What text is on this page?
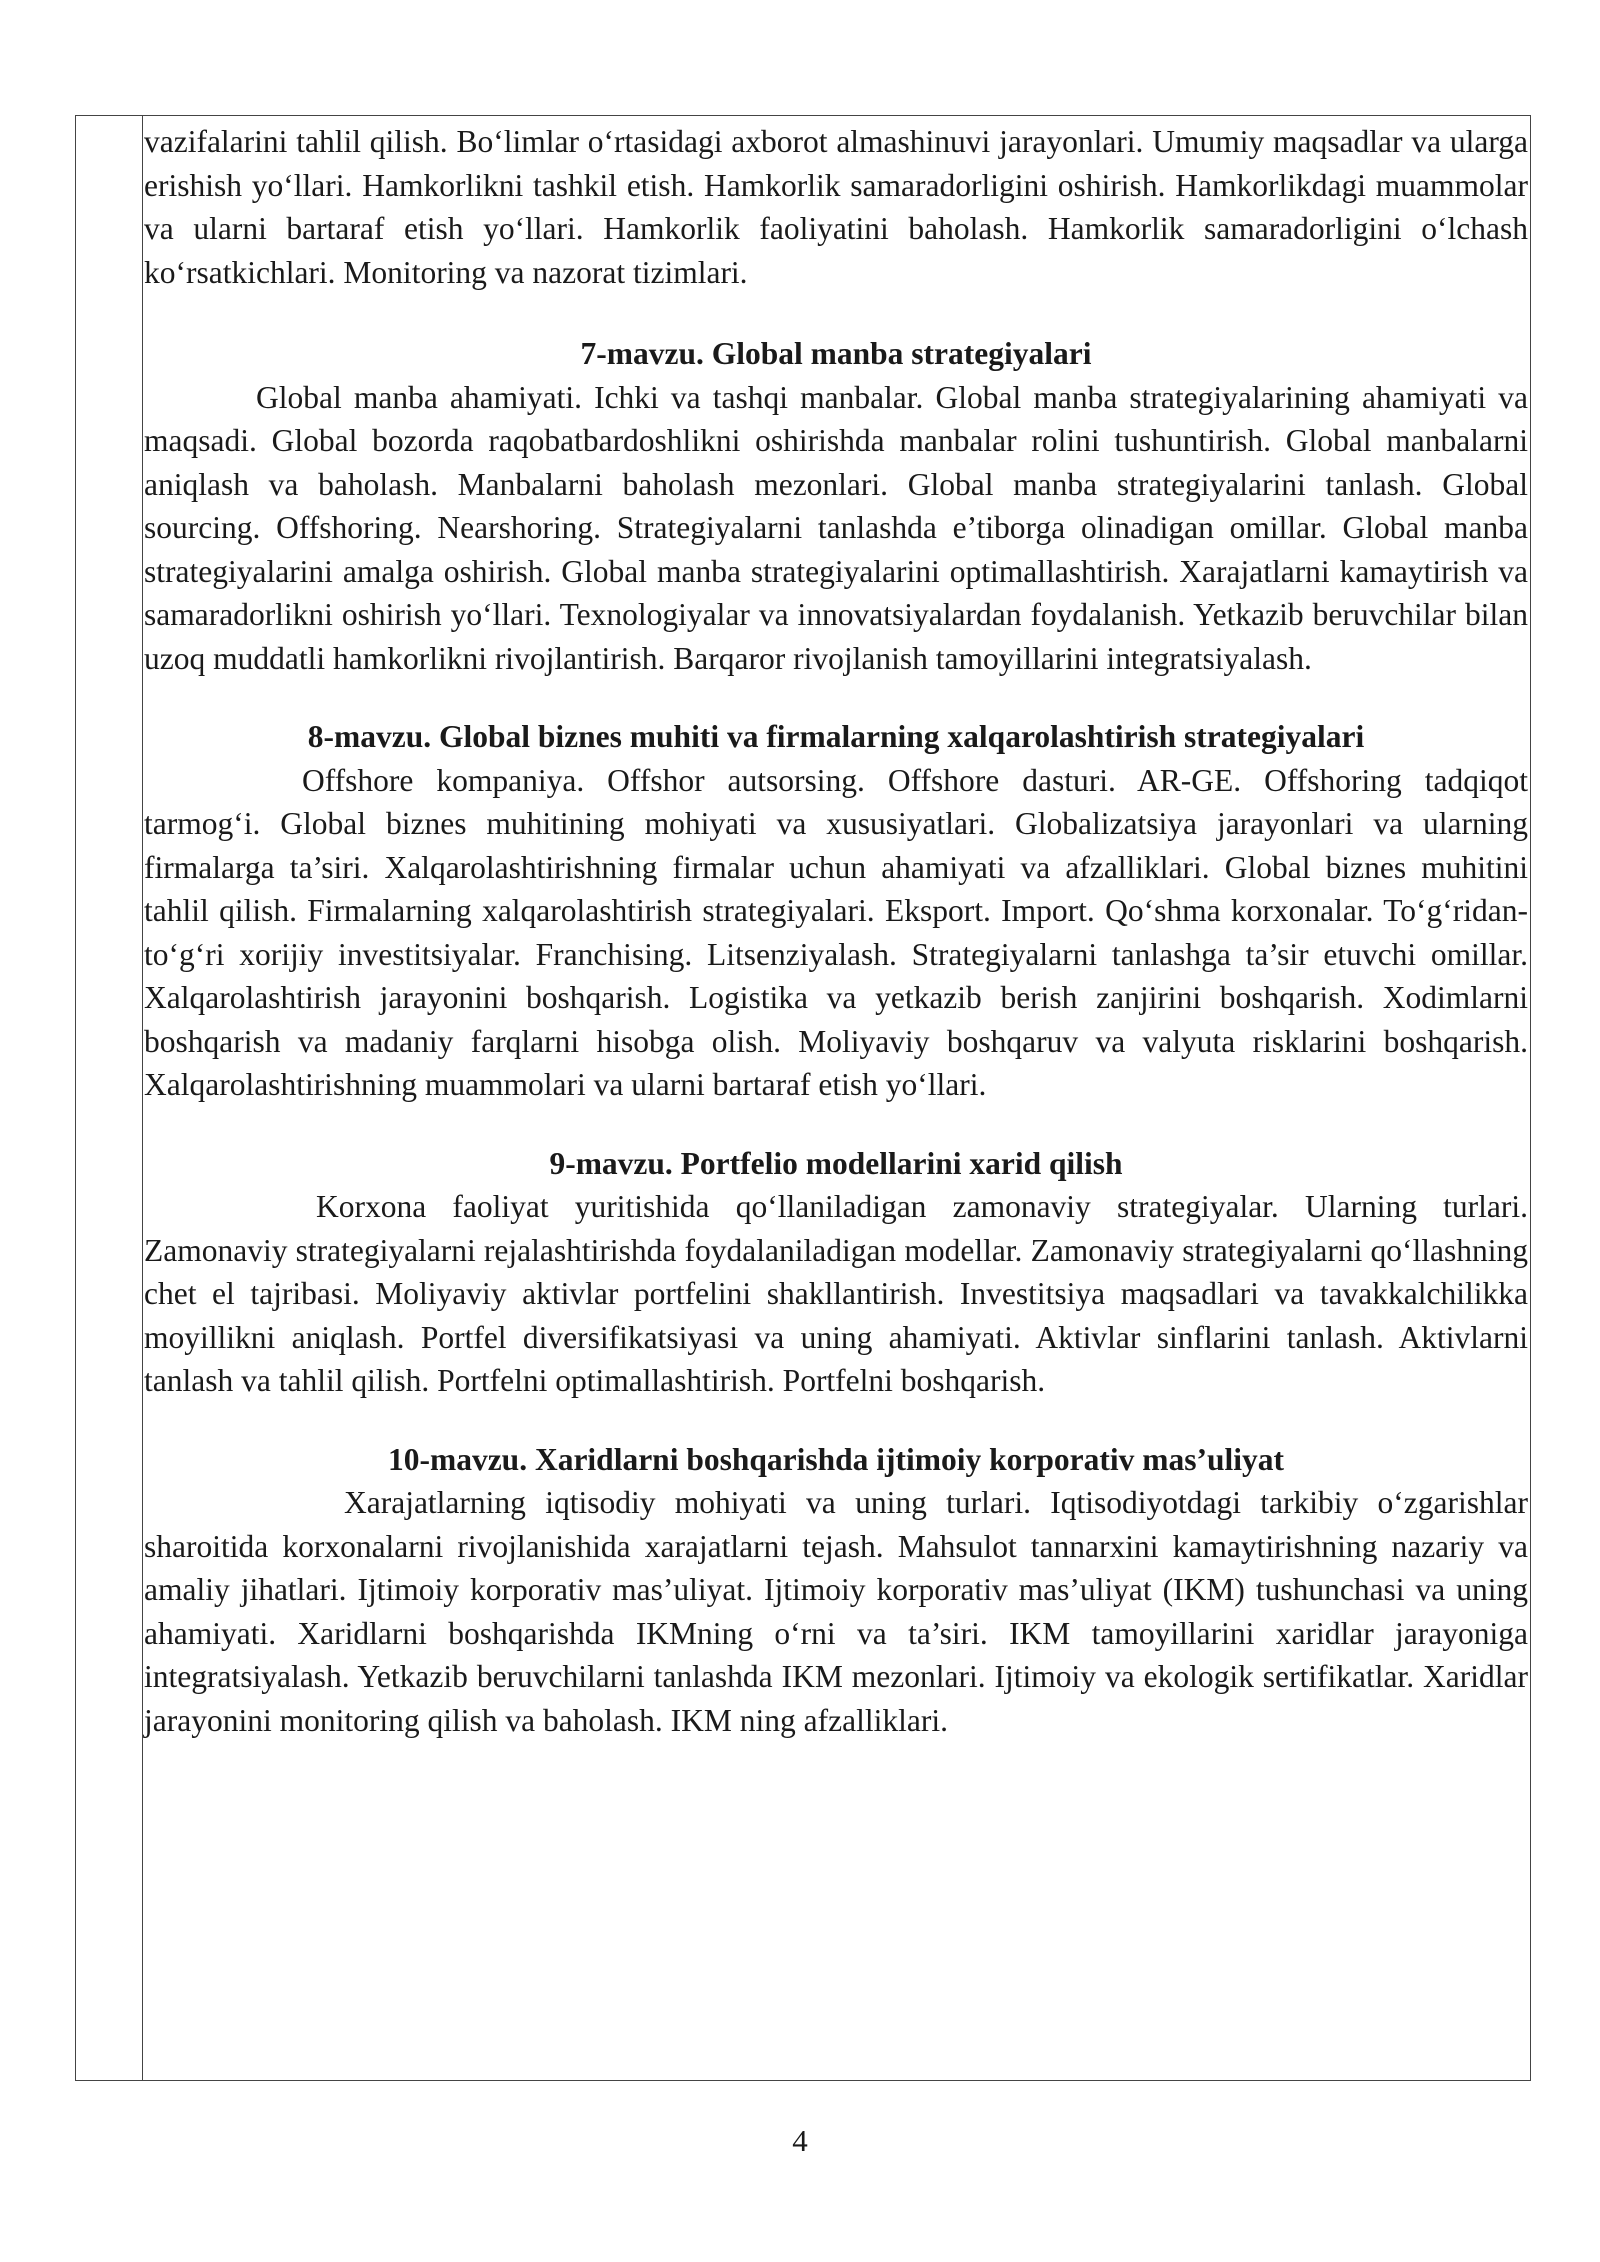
vazifalarini tahlil qilish. Bo‘limlar o‘rtasidagi axborot almashinuvi jarayonlari. Umumiy maqsadlar va ularga erishish yo‘llari. Hamkorlikni tashkil etish. Hamkorlik samaradorligini oshirish. Hamkorlikdagi muammolar va ularni bartaraf etish yo‘llari. Hamkorlik faoliyatini baholash. Hamkorlik samaradorligini o‘lchash ko‘rsatkichlari. Monitoring va nazorat tizimlari.

7-mavzu. Global manba strategiyalari

Global manba ahamiyati. Ichki va tashqi manbalar. Global manba strategiyalarining ahamiyati va maqsadi. Global bozorda raqobatbardoshlikni oshirishda manbalar rolini tushuntirish. Global manbalarni aniqlash va baholash. Manbalarni baholash mezonlari. Global manba strategiyalarini tanlash. Global sourcing. Offshoring. Nearshoring. Strategiyalarni tanlashda e’tiborga olinadigan omillar. Global manba strategiyalarini amalga oshirish. Global manba strategiyalarini optimallashtirish. Xarajatlarni kamaytirish va samaradorlikni oshirish yo‘llari. Texnologiyalar va innovatsiyalardan foydalanish. Yetkazib beruvchilar bilan uzoq muddatli hamkorlikni rivojlantirish. Barqaror rivojlanish tamoyillarini integratsiyalash.

8-mavzu. Global biznes muhiti va firmalarning xalqarolashtirish strategiyalari

Offshore kompaniya. Offshor autsorsing. Offshore dasturi. AR-GE. Offshoring tadqiqot tarmog‘i. Global biznes muhitining mohiyati va xususiyatlari. Globalizatsiya jarayonlari va ularning firmalarga ta’siri. Xalqarolashtirishning firmalar uchun ahamiyati va afzalliklari. Global biznes muhitini tahlil qilish. Firmalarning xalqarolashtirish strategiyalari. Eksport. Import. Qo‘shma korxonalar. To‘g‘ridan-to‘g‘ri xorijiy investitsiyalar. Franchising. Litsenziyalash. Strategiyalarni tanlashga ta’sir etuvchi omillar. Xalqarolashtirish jarayonini boshqarish. Logistika va yetkazib berish zanjirini boshqarish. Xodimlarni boshqarish va madaniy farqlarni hisobga olish. Moliyaviy boshqaruv va valyuta risklarini boshqarish. Xalqarolashtirishning muammolari va ularni bartaraf etish yo‘llari.

9-mavzu. Portfelio modellarini xarid qilish

Korxona faoliyat yuritishida qo‘llaniladigan zamonaviy strategiyalar. Ularning turlari. Zamonaviy strategiyalarni rejalashtirishda foydalaniladigan modellar. Zamonaviy strategiyalarni qo‘llashning chet el tajribasi. Moliyaviy aktivlar portfelini shakllantirish. Investitsiya maqsadlari va tavakkalchilikka moyillikni aniqlash. Portfel diversifikatsiyasi va uning ahamiyati. Aktivlar sinflarini tanlash. Aktivlarni tanlash va tahlil qilish. Portfelni optimallashtirish. Portfelni boshqarish.

10-mavzu. Xaridlarni boshqarishda ijtimoiy korporativ mas’uliyat

Xarajatlarning iqtisodiy mohiyati va uning turlari. Iqtisodiyotdagi tarkibiy o‘zgarishlar sharoitida korxonalarni rivojlanishida xarajatlarni tejash. Mahsulot tannarxini kamaytirishning nazariy va amaliy jihatlari. Ijtimoiy korporativ mas’uliyat. Ijtimoiy korporativ mas’uliyat (IKM) tushunchasi va uning ahamiyati. Xaridlarni boshqarishda IKMning o‘rni va ta’siri. IKM tamoyillarini xaridlar jarayoniga integratsiyalash. Yetkazib beruvchilarni tanlashda IKM mezonlari. Ijtimoiy va ekologik sertifikatlar. Xaridlar jarayonini monitoring qilish va baholash. IKM ning afzalliklari.

4
